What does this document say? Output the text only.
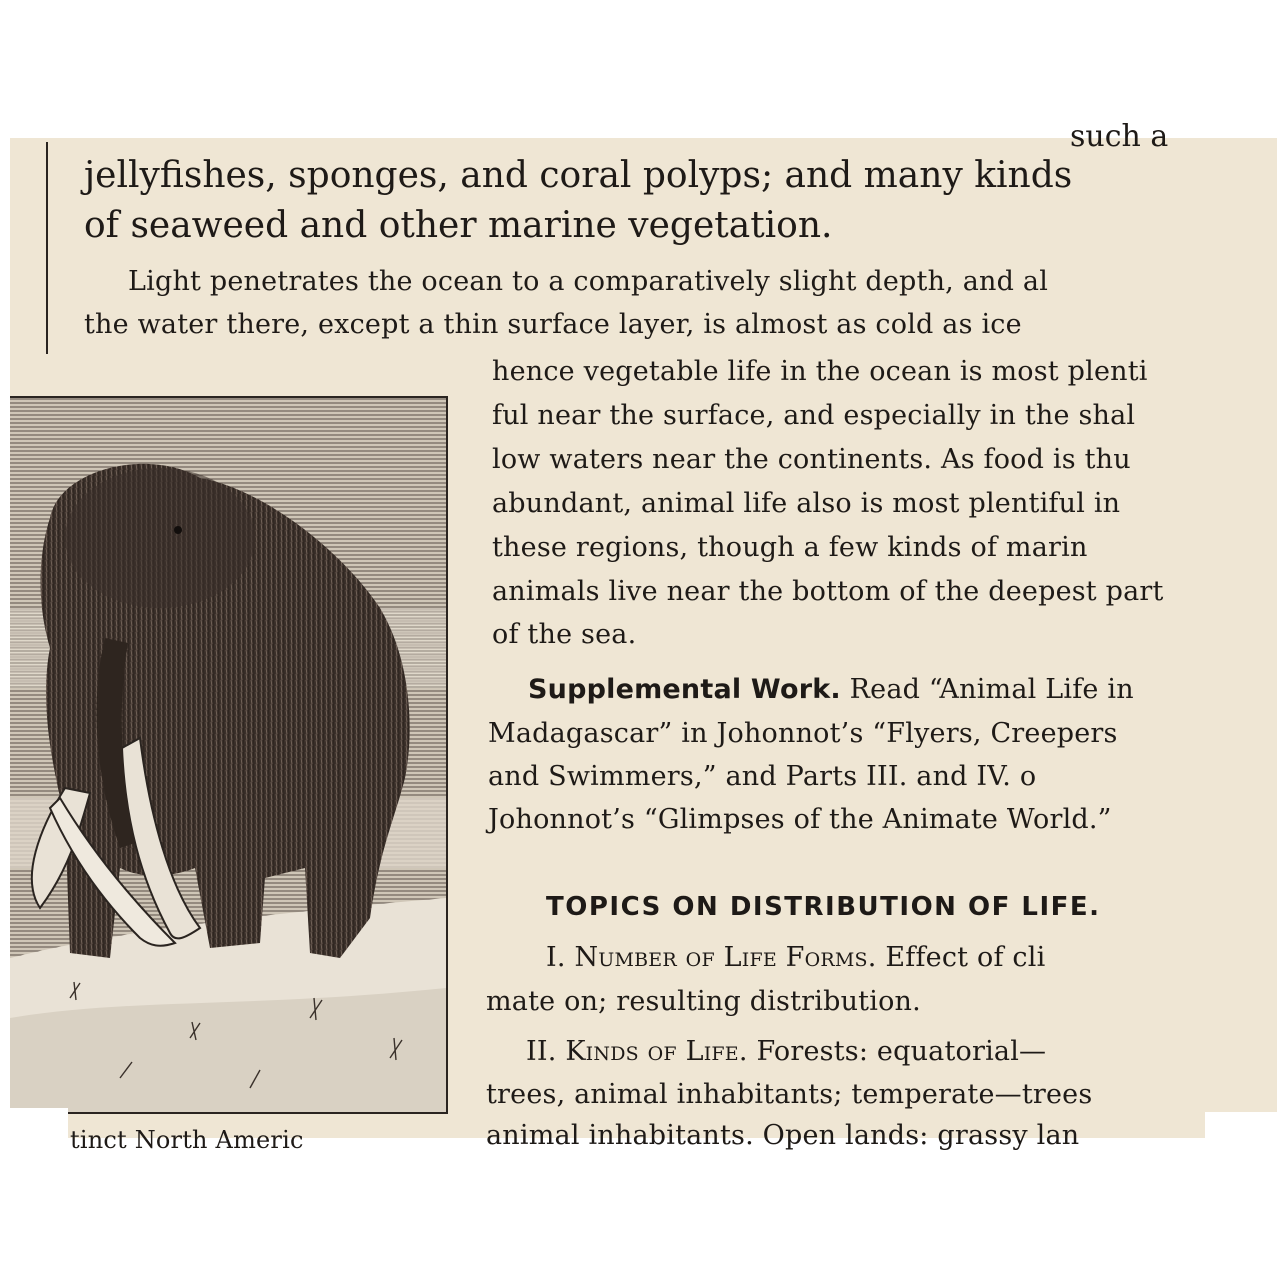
such a
jellyfishes, sponges, and coral polyps; and many kinds
of seaweed and other marine vegetation.
Light penetrates the ocean to a comparatively slight depth, and al
the water there, except a thin surface layer, is almost as cold as ice
hence vegetable life in the ocean is most plenti
ful near the surface, and especially in the shal
low waters near the continents. As food is thu
abundant, animal life also is most plentiful in
these regions, though a few kinds of marin
animals live near the bottom of the deepest part
of the sea.
Supplemental Work. Read “Animal Life in
Madagascar” in Johonnot’s “Flyers, Creepers
and Swimmers,” and Parts III. and IV. o
Johonnot’s “Glimpses of the Animate World.”
TOPICS ON DISTRIBUTION OF LIFE.
I. Number of Life Forms. Effect of cli
mate on; resulting distribution.
II. Kinds of Life. Forests: equatorial—
trees, animal inhabitants; temperate—trees
animal inhabitants. Open lands: grassy lan
tinct North Americ
